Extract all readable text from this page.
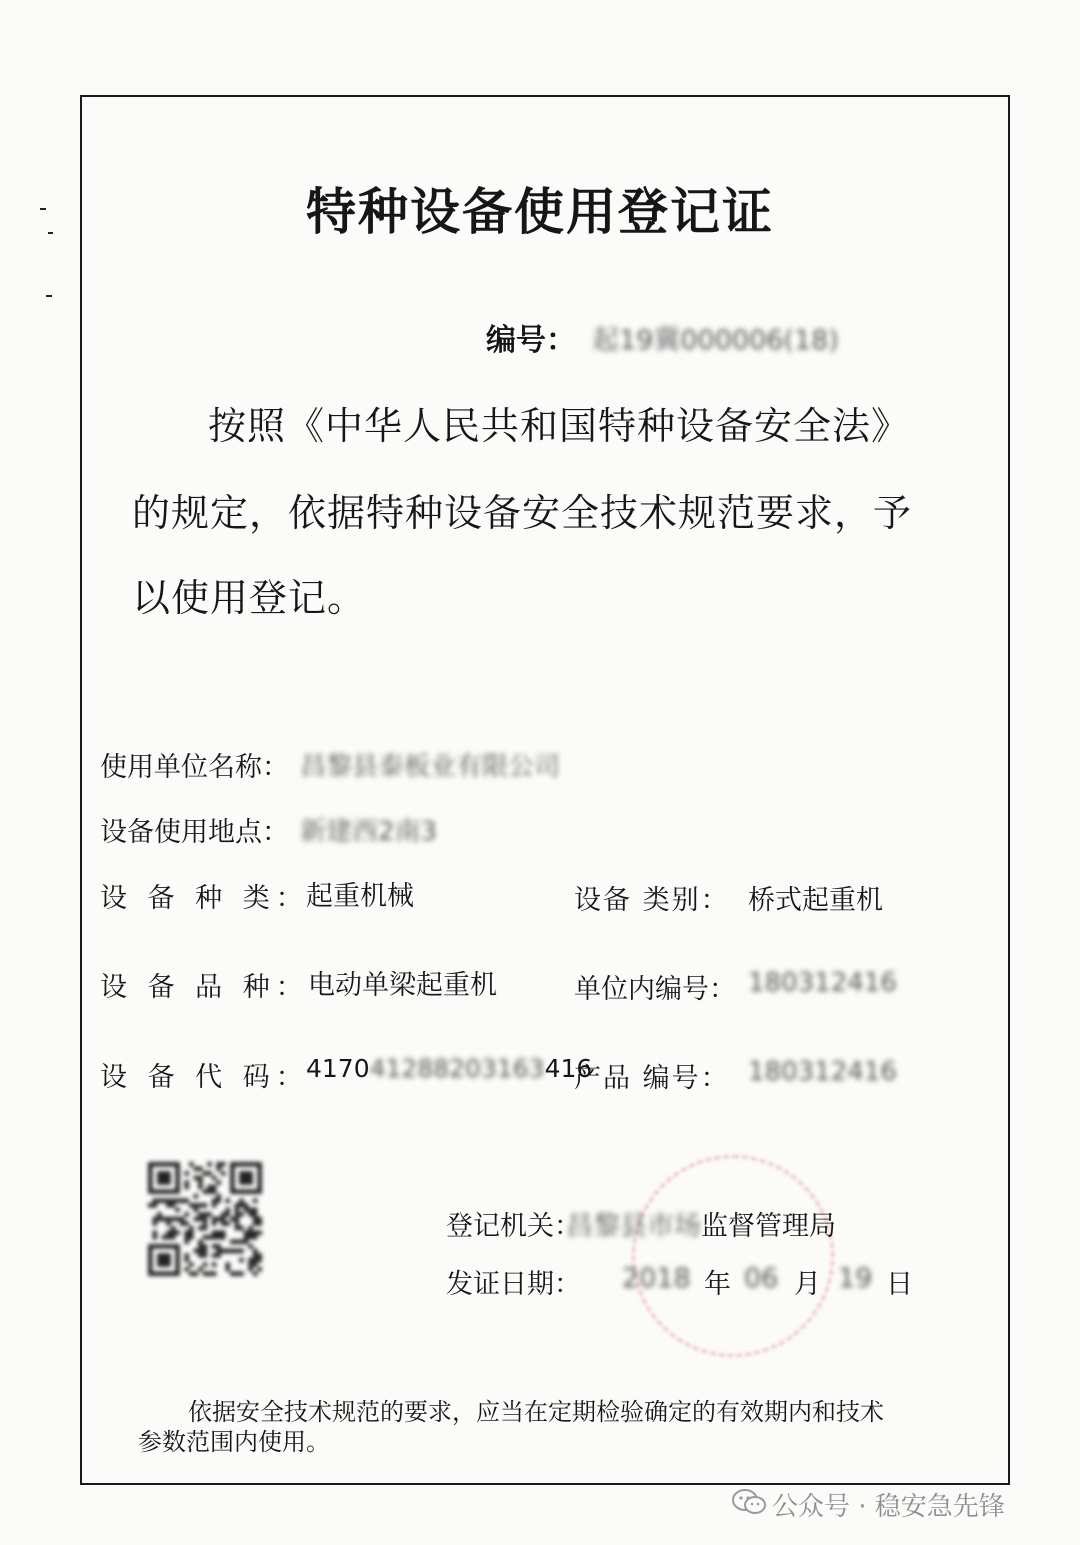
特种设备使用登记证
编号： 起19冀000006(18)
按照《中华人民共和国特种设备安全法》
的规定，依据特种设备安全技术规范要求，予
以使用登记。
使用单位名称： 昌黎县泰板业有限公司
设备使用地点： 新建西2南3
设 备 种 类：
起重机械	设备 类别： 桥式起重机
设 备 品 种： 电动单梁起重机	单位内编号： 180312416
设 备 代 码：
417041288203163416
产品 编号： 180312416
登记机关：
昌黎县市场监督管理局
发证日期： 2018 年 06 月 19 日
依据安全技术规范的要求，应当在定期检验确定的有效期内和技术
参数范围内使用。
公众号 · 稳安急先锋
